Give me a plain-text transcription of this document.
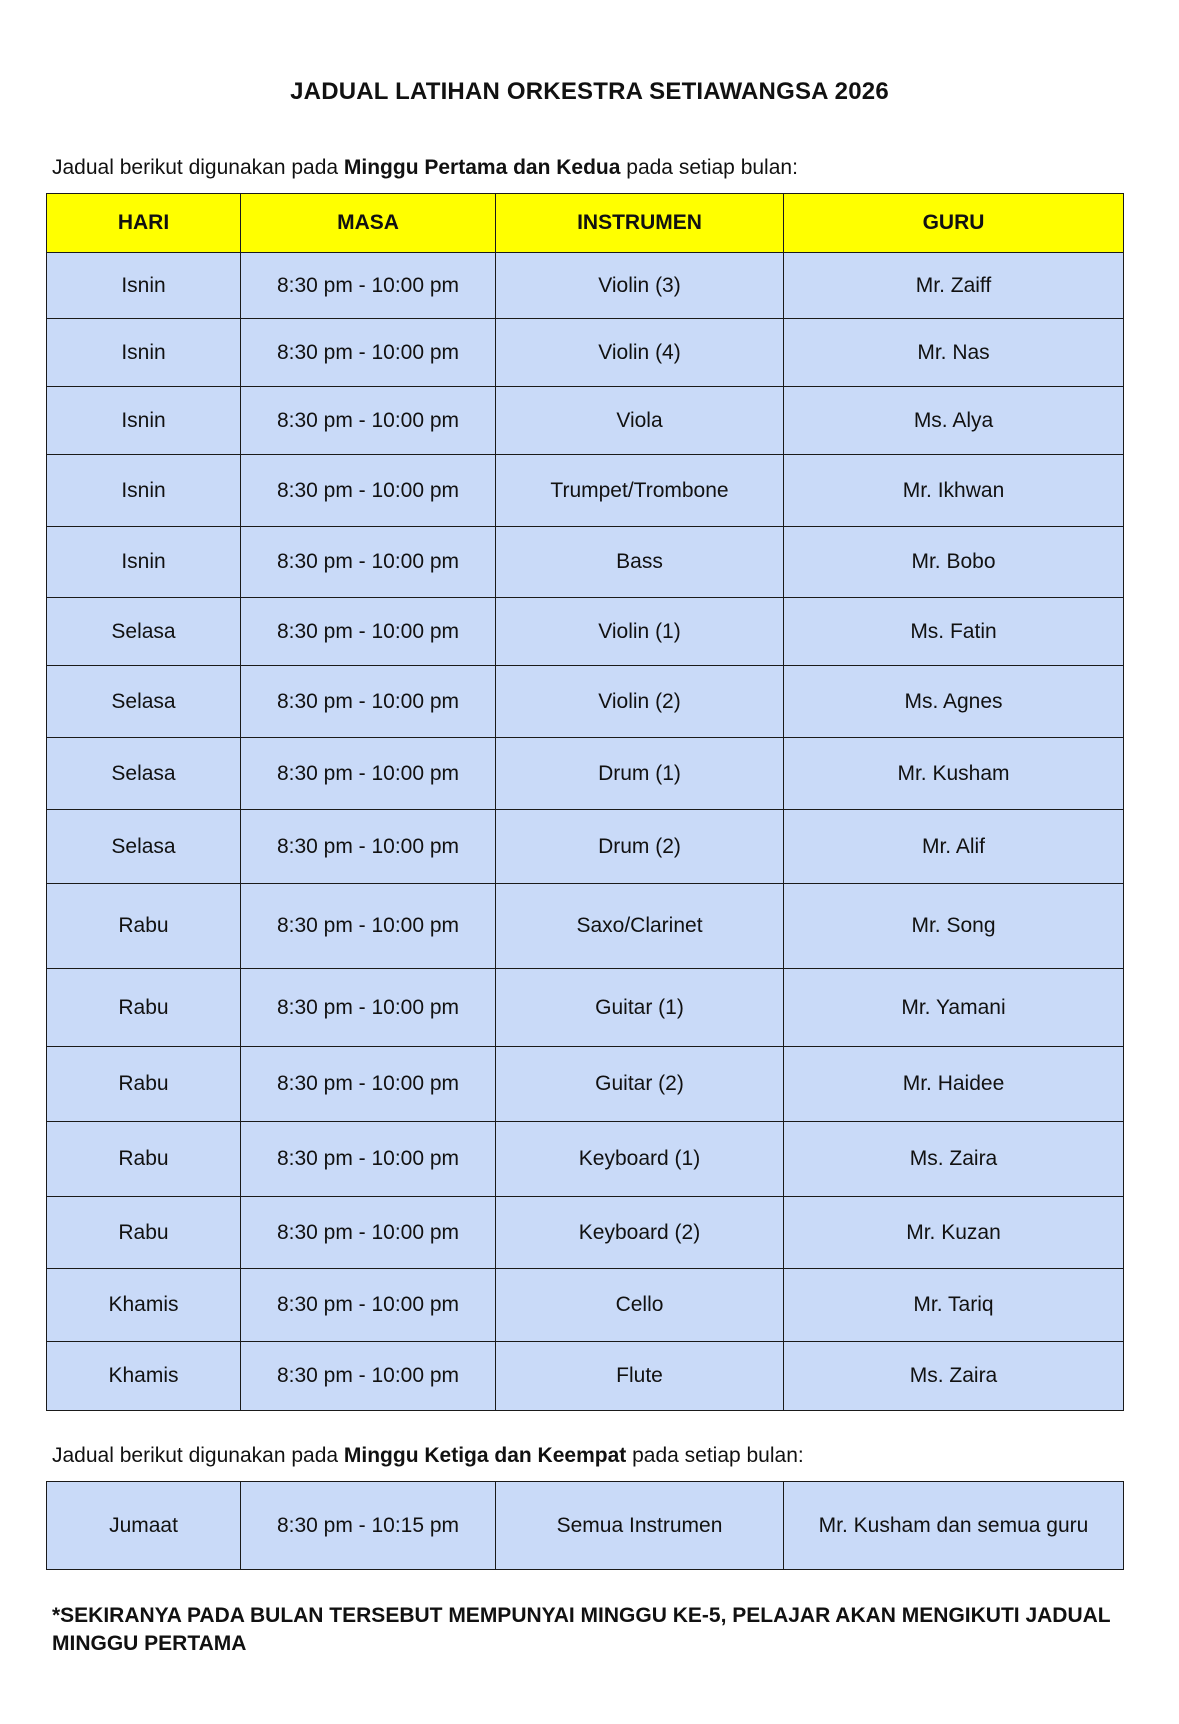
JADUAL LATIHAN ORKESTRA SETIAWANGSA 2026
Jadual berikut digunakan pada Minggu Pertama dan Kedua pada setiap bulan:
HARI	MASA	INSTRUMEN	GURU
Isnin	8:30 pm - 10:00 pm	Violin (3)	Mr. Zaiff
Isnin	8:30 pm - 10:00 pm	Violin (4)	Mr. Nas
Isnin	8:30 pm - 10:00 pm	Viola	Ms. Alya
Isnin	8:30 pm - 10:00 pm	Trumpet/Trombone	Mr. Ikhwan
Isnin	8:30 pm - 10:00 pm	Bass	Mr. Bobo
Selasa	8:30 pm - 10:00 pm	Violin (1)	Ms. Fatin
Selasa	8:30 pm - 10:00 pm	Violin (2)	Ms. Agnes
Selasa	8:30 pm - 10:00 pm	Drum (1)	Mr. Kusham
Selasa	8:30 pm - 10:00 pm	Drum (2)	Mr. Alif
Rabu	8:30 pm - 10:00 pm	Saxo/Clarinet	Mr. Song
Rabu	8:30 pm - 10:00 pm	Guitar (1)	Mr. Yamani
Rabu	8:30 pm - 10:00 pm	Guitar (2)	Mr. Haidee
Rabu	8:30 pm - 10:00 pm	Keyboard (1)	Ms. Zaira
Rabu	8:30 pm - 10:00 pm	Keyboard (2)	Mr. Kuzan
Khamis	8:30 pm - 10:00 pm	Cello	Mr. Tariq
Khamis	8:30 pm - 10:00 pm	Flute	Ms. Zaira
Jadual berikut digunakan pada Minggu Ketiga dan Keempat pada setiap bulan:
Jumaat	8:30 pm - 10:15 pm	Semua Instrumen	Mr. Kusham dan semua guru
*SEKIRANYA PADA BULAN TERSEBUT MEMPUNYAI MINGGU KE-5, PELAJAR AKAN MENGIKUTI JADUAL MINGGU PERTAMA
